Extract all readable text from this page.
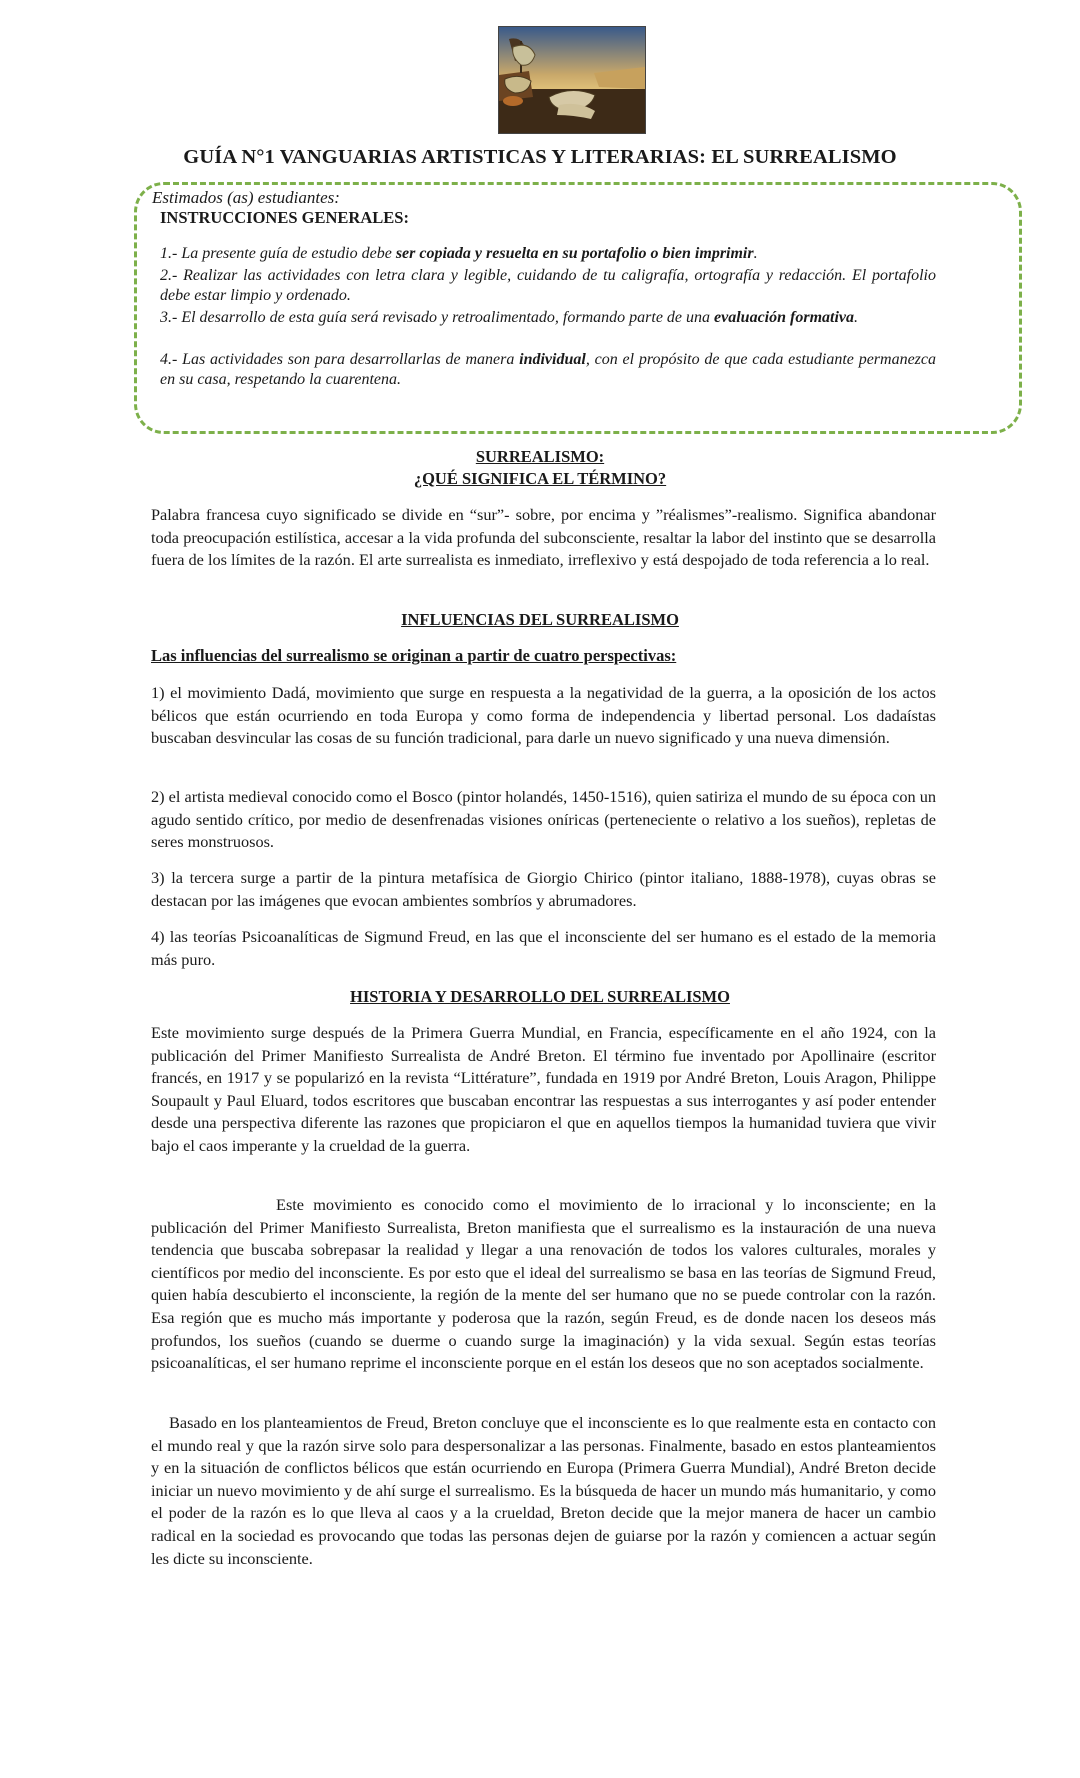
GUÍA N°1 VANGUARIAS ARTISTICAS Y LITERARIAS: EL SURREALISMO
Estimados (as) estudiantes:
INSTRUCCIONES GENERALES:
1.- La presente guía de estudio debe ser copiada y resuelta en su portafolio o bien imprimir.
2.- Realizar las actividades con letra clara y legible, cuidando de tu caligrafía, ortografía y redacción. El portafolio debe estar limpio y ordenado.
3.- El desarrollo de esta guía será revisado y retroalimentado, formando parte de una evaluación formativa.
4.- Las actividades son para desarrollarlas de manera individual, con el propósito de que cada estudiante permanezca en su casa, respetando la cuarentena.
SURREALISMO:
¿QUÉ SIGNIFICA EL TÉRMINO?

Palabra francesa cuyo significado se divide en “sur”- sobre, por encima y ”réalismes”-realismo. Significa abandonar toda preocupación estilística, accesar a la vida profunda del subconsciente, resaltar la labor del instinto que se desarrolla fuera de los límites de la razón. El arte surrealista es inmediato, irreflexivo y está despojado de toda referencia a lo real.

INFLUENCIAS DEL SURREALISMO
Las influencias del surrealismo se originan a partir de cuatro perspectivas:

1) el movimiento Dadá, movimiento que surge en respuesta a la negatividad de la guerra, a la oposición de los actos bélicos que están ocurriendo en toda Europa y como forma de independencia y libertad personal. Los dadaístas buscaban desvincular las cosas de su función tradicional, para darle un nuevo significado y una nueva dimensión.

2) el artista medieval conocido como el Bosco (pintor holandés, 1450-1516), quien satiriza el mundo de su época con un agudo sentido crítico, por medio de desenfrenadas visiones oníricas (perteneciente o relativo a los sueños), repletas de seres monstruosos.

3) la tercera surge a partir de la pintura metafísica de Giorgio Chirico (pintor italiano, 1888-1978), cuyas obras se destacan por las imágenes que evocan ambientes sombríos y abrumadores.

4) las teorías Psicoanalíticas de Sigmund Freud, en las que el inconsciente del ser humano es el estado de la memoria más puro.

HISTORIA Y DESARROLLO DEL SURREALISMO

Este movimiento surge después de la Primera Guerra Mundial, en Francia, específicamente en el año 1924, con la publicación del Primer Manifiesto Surrealista de André Breton. El término fue inventado por Apollinaire (escritor francés, en 1917 y se popularizó en la revista “Littérature”, fundada en 1919 por André Breton, Louis Aragon, Philippe Soupault y Paul Eluard, todos escritores que buscaban encontrar las respuestas a sus interrogantes y así poder entender desde una perspectiva diferente las razones que propiciaron el que en aquellos tiempos la humanidad tuviera que vivir bajo el caos imperante y la crueldad de la guerra.

Este movimiento es conocido como el movimiento de lo irracional y lo inconsciente; en la publicación del Primer Manifiesto Surrealista, Breton manifiesta que el surrealismo es la instauración de una nueva tendencia que buscaba sobrepasar la realidad y llegar a una renovación de todos los valores culturales, morales y científicos por medio del inconsciente. Es por esto que el ideal del surrealismo se basa en las teorías de Sigmund Freud, quien había descubierto el inconsciente, la región de la mente del ser humano que no se puede controlar con la razón. Esa región que es mucho más importante y poderosa que la razón, según Freud, es de donde nacen los deseos más profundos, los sueños (cuando se duerme o cuando surge la imaginación) y la vida sexual. Según estas teorías psicoanalíticas, el ser humano reprime el inconsciente porque en el están los deseos que no son aceptados socialmente.

Basado en los planteamientos de Freud, Breton concluye que el inconsciente es lo que realmente esta en contacto con el mundo real y que la razón sirve solo para despersonalizar a las personas. Finalmente, basado en estos planteamientos y en la situación de conflictos bélicos que están ocurriendo en Europa (Primera Guerra Mundial), André Breton decide iniciar un nuevo movimiento y de ahí surge el surrealismo. Es la búsqueda de hacer un mundo más humanitario, y como el poder de la razón es lo que lleva al caos y a la crueldad, Breton decide que la mejor manera de hacer un cambio radical en la sociedad es provocando que todas las personas dejen de guiarse por la razón y comiencen a actuar según les dicte su inconsciente.
